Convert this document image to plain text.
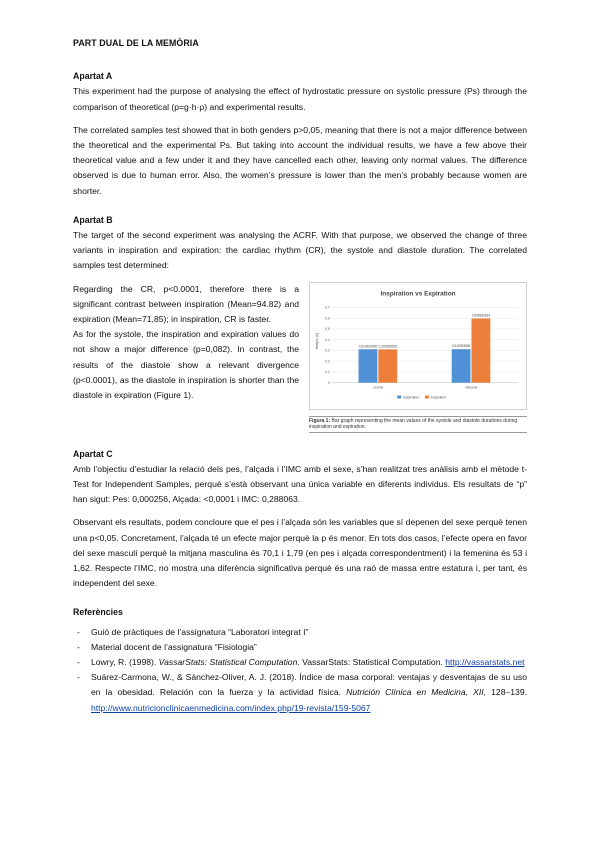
PART DUAL DE LA MEMÒRIA
Apartat A

This experiment had the purpose of analysing the effect of hydrostatic pressure on systolic pressure (Ps) through the comparison of theoretical (p=g·h·ρ) and experimental results.

The correlated samples test showed that in both genders p>0,05, meaning that there is not a major difference between the theoretical and the experimental Ps. But taking into account the individual results, we have a few above their theoretical value and a few under it and they have cancelled each other, leaving only normal values. The difference observed is due to human error. Also, the women’s pressure is lower than the men’s probably because women are shorter.

Apartat B

The target of the second experiment was analysing the ACRF. With that purpose, we observed the change of three variants in inspiration and expiration: the cardiac rhythm (CR), the systole and diastole duration. The correlated samples test determined:

Regarding the CR, p<0.0001, therefore there is a significant contrast between inspiration (Mean=94.82) and expiration (Mean=71,85); in inspiration, CR is faster.

As for the systole, the inspiration and expiration values do not show a major difference (p=0,082). In contrast, the results of the diastole show a relevant divergence (p<0.0001), as the diastole in inspiration is shorter than the diastole in expiration (Figure 1).

Inspiration vs Expiration
temps (s)
0
0,1
0,2
0,3
0,4
0,5
0,6
0,7
0,310623506 0,309268206
sístole
0,310933506
0,596342814
diàstole
inspiration	expiration
Figura 1: Bar graph representing the mean values of the systole and diastole durations during inspiration and expiration.
Apartat C

Amb l’objectiu d’estudiar la relació dels pes, l’alçada i l’IMC amb el sexe, s’han realitzat tres anàlisis amb el mètode t-Test for Independent Samples, perquè s’està observant una única variable en diferents individus. Els resultats de “p” han sigut: Pes: 0,000256, Alçada: <0,0001 i IMC: 0,288063.

Observant els resultats, podem concloure que el pes i l’alçada són les variables que sí depenen del sexe perquè tenen una p<0,05. Concretament, l’alçada té un efecte major perquè la p és menor. En tots dos casos, l’efecte opera en favor del sexe masculí perquè la mitjana masculina és 70,1 i 1,79 (en pes i alçada correspondentment) i la femenina és 53 i 1,62. Respecte l’IMC, no mostra una diferència significativa perquè és una raó de massa entre estatura i, per tant, és independent del sexe.

Referències
- Guió de pràctiques de l’assignatura “Laboratori integrat I”
- Material docent de l’assignatura “Fisiologia”
- Lowry, R. (1998). VassarStats: Statistical Computation. VassarStats: Statistical Computation. http://vassarstats.net
- Suárez-Carmona, W., & Sánchez-Oliver, A. J. (2018). Índice de masa corporal: ventajas y desventajas de su uso en la obesidad. Relación con la fuerza y la actividad física. Nutrición Clínica en Medicina, XII, 128–139. http://www.nutricionclinicaenmedicina.com/index.php/19-revista/159-5067
